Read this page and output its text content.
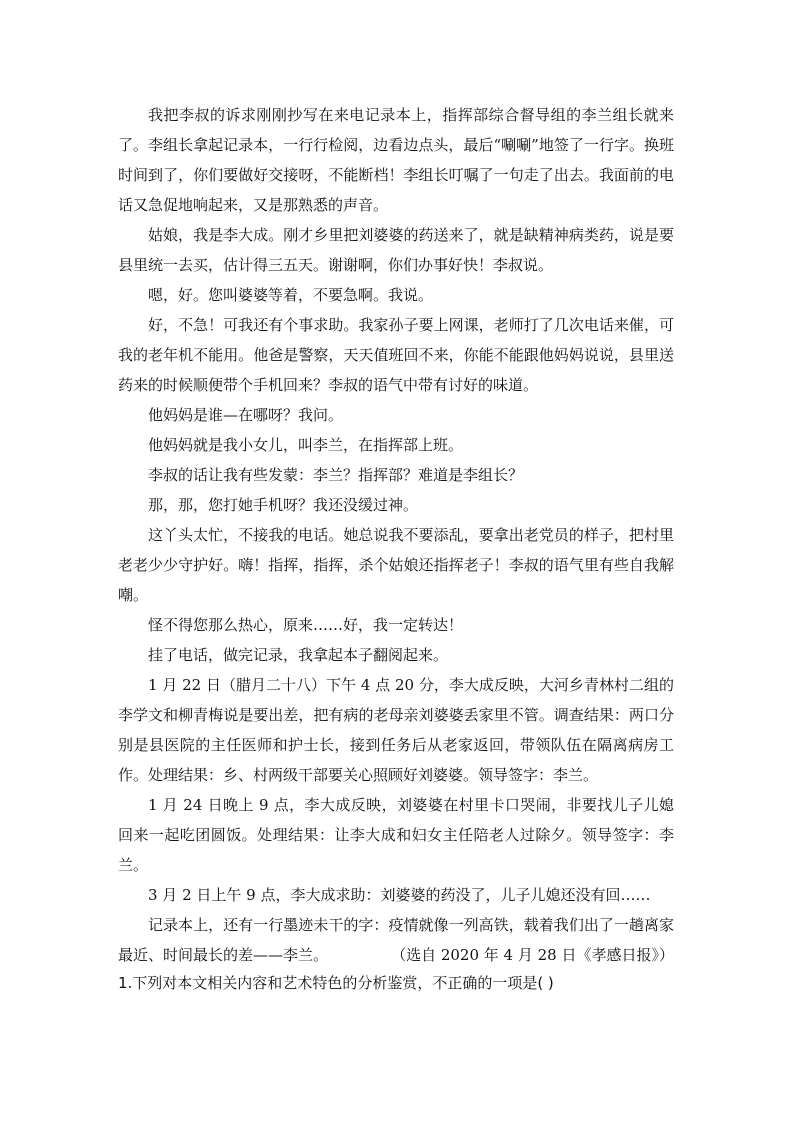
我把李叔的诉求刚刚抄写在来电记录本上，指挥部综合督导组的李兰组长就来了。李组长拿起记录本，一行行检阅，边看边点头，最后“唰唰”地签了一行字。换班时间到了，你们要做好交接呀，不能断档！李组长叮嘱了一句走了出去。我面前的电话又急促地响起来，又是那熟悉的声音。

姑娘，我是李大成。刚才乡里把刘婆婆的药送来了，就是缺精神病类药，说是要县里统一去买，估计得三五天。谢谢啊，你们办事好快！李叔说。

嗯，好。您叫婆婆等着，不要急啊。我说。

好，不急！可我还有个事求助。我家孙子要上网课，老师打了几次电话来催，可我的老年机不能用。他爸是警察，天天值班回不来，你能不能跟他妈妈说说，县里送药来的时候顺便带个手机回来？李叔的语气中带有讨好的味道。

他妈妈是谁—在哪呀？我问。

他妈妈就是我小女儿，叫李兰，在指挥部上班。

李叔的话让我有些发蒙：李兰？指挥部？难道是李组长？

那，那，您打她手机呀？我还没缓过神。

这丫头太忙，不接我的电话。她总说我不要添乱，要拿出老党员的样子，把村里老老少少守护好。嗨！指挥，指挥，杀个姑娘还指挥老子！李叔的语气里有些自我解嘲。

怪不得您那么热心，原来……好，我一定转达！

挂了电话，做完记录，我拿起本子翻阅起来。

1 月 22 日（腊月二十八）下午 4 点 20 分，李大成反映，大河乡青林村二组的李学文和柳青梅说是要出差，把有病的老母亲刘婆婆丢家里不管。调查结果：两口分别是县医院的主任医师和护士长，接到任务后从老家返回，带领队伍在隔离病房工作。处理结果：乡、村两级干部要关心照顾好刘婆婆。领导签字：李兰。

1 月 24 日晚上 9 点，李大成反映，刘婆婆在村里卡口哭闹，非要找儿子儿媳回来一起吃团圆饭。处理结果：让李大成和妇女主任陪老人过除夕。领导签字：李兰。

3 月 2 日上午 9 点，李大成求助：刘婆婆的药没了，儿子儿媳还没有回……

记录本上，还有一行墨迹未干的字：疫情就像一列高铁，载着我们出了一趟离家最近、时间最长的差——李兰。	（选自 2020 年 4 月 28 日《孝感日报》）
1.下列对本文相关内容和艺术特色的分析鉴赏，不正确的一项是( )
